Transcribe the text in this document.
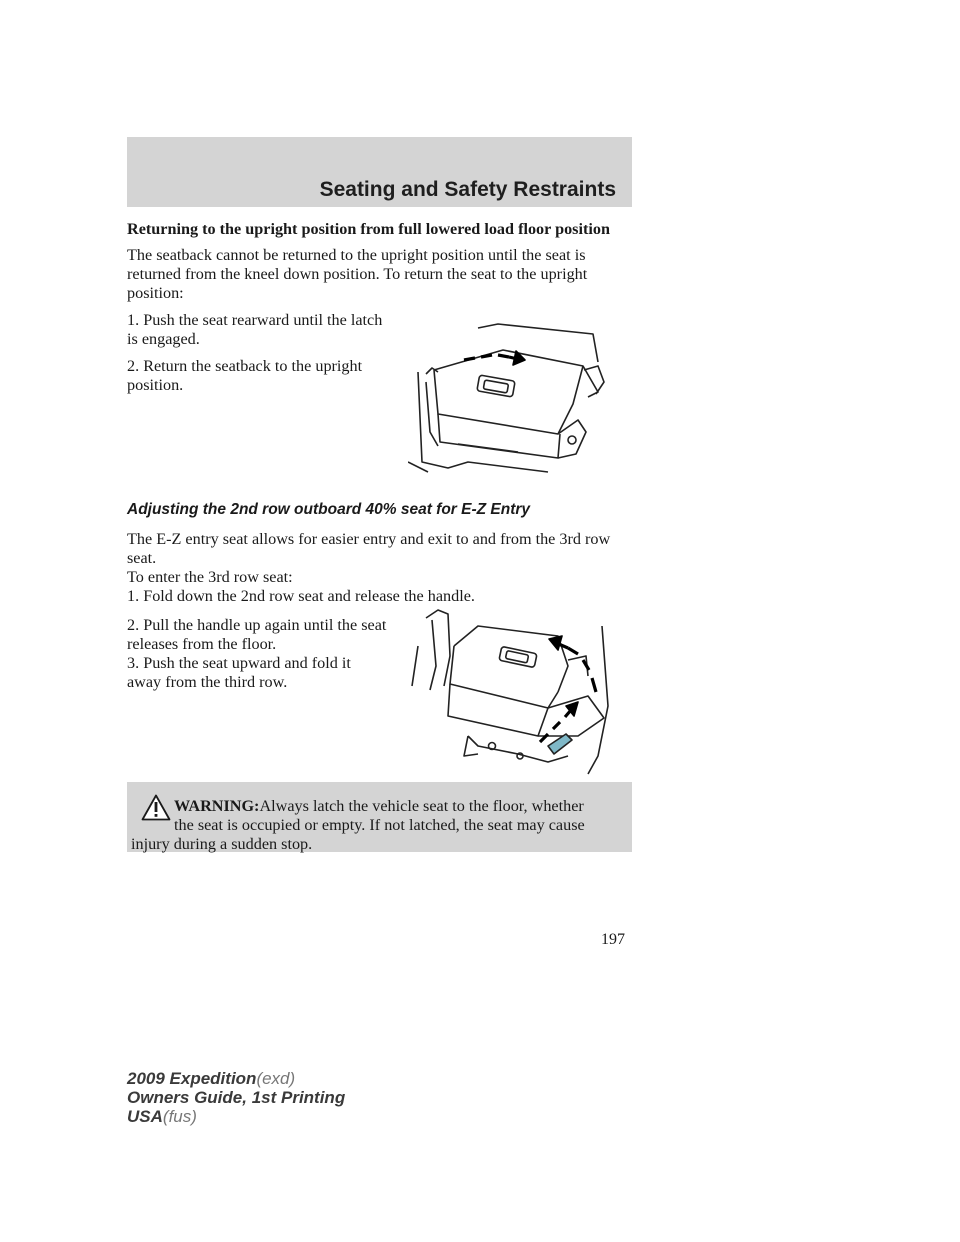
Seating and Safety Restraints

Returning to the upright position from full lowered load floor position

The seatback cannot be returned to the upright position until the seat is returned from the kneel down position. To return the seat to the upright position:

1. Push the seat rearward until the latch is engaged.

2. Return the seatback to the upright position.

Adjusting the 2nd row outboard 40% seat for E-Z Entry

The E-Z entry seat allows for easier entry and exit to and from the 3rd row seat.

To enter the 3rd row seat:

1. Fold down the 2nd row seat and release the handle.

2. Pull the handle up again until the seat releases from the floor.

3. Push the seat upward and fold it away from the third row.

WARNING:Always latch the vehicle seat to the floor, whether
the seat is occupied or empty. If not latched, the seat may cause
injury during a sudden stop.
197
2009 Expedition(exd)
Owners Guide, 1st Printing
USA(fus)
